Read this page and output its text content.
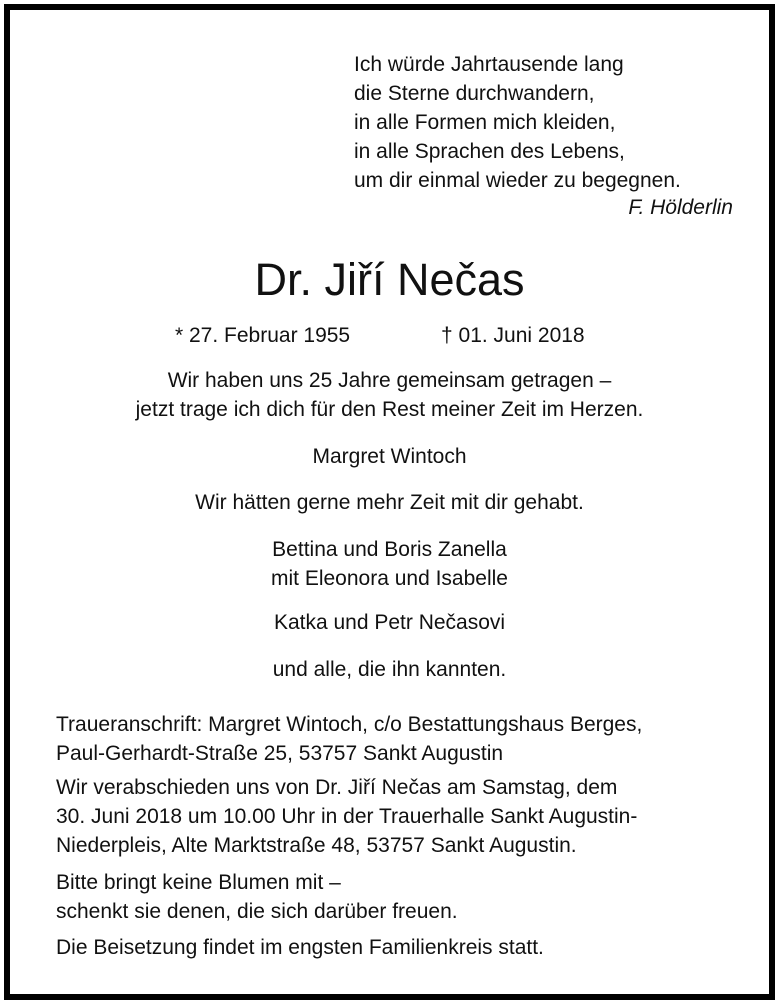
Ich würde Jahrtausende lang
die Sterne durchwandern,
in alle Formen mich kleiden,
in alle Sprachen des Lebens,
um dir einmal wieder zu begegnen.
F. Hölderlin
Dr. Jiří Nečas
* 27. Februar 1955	† 01. Juni 2018
Wir haben uns 25 Jahre gemeinsam getragen –
jetzt trage ich dich für den Rest meiner Zeit im Herzen.
Margret Wintoch
Wir hätten gerne mehr Zeit mit dir gehabt.
Bettina und Boris Zanella
mit Eleonora und Isabelle
Katka und Petr Nečasovi
und alle, die ihn kannten.
Traueranschrift: Margret Wintoch, c/o Bestattungshaus Berges,
Paul-Gerhardt-Straße 25, 53757 Sankt Augustin
Wir verabschieden uns von Dr. Jiří Nečas am Samstag, dem
30. Juni 2018 um 10.00 Uhr in der Trauerhalle Sankt Augustin-
Niederpleis, Alte Marktstraße 48, 53757 Sankt Augustin.
Bitte bringt keine Blumen mit –
schenkt sie denen, die sich darüber freuen.
Die Beisetzung findet im engsten Familienkreis statt.
